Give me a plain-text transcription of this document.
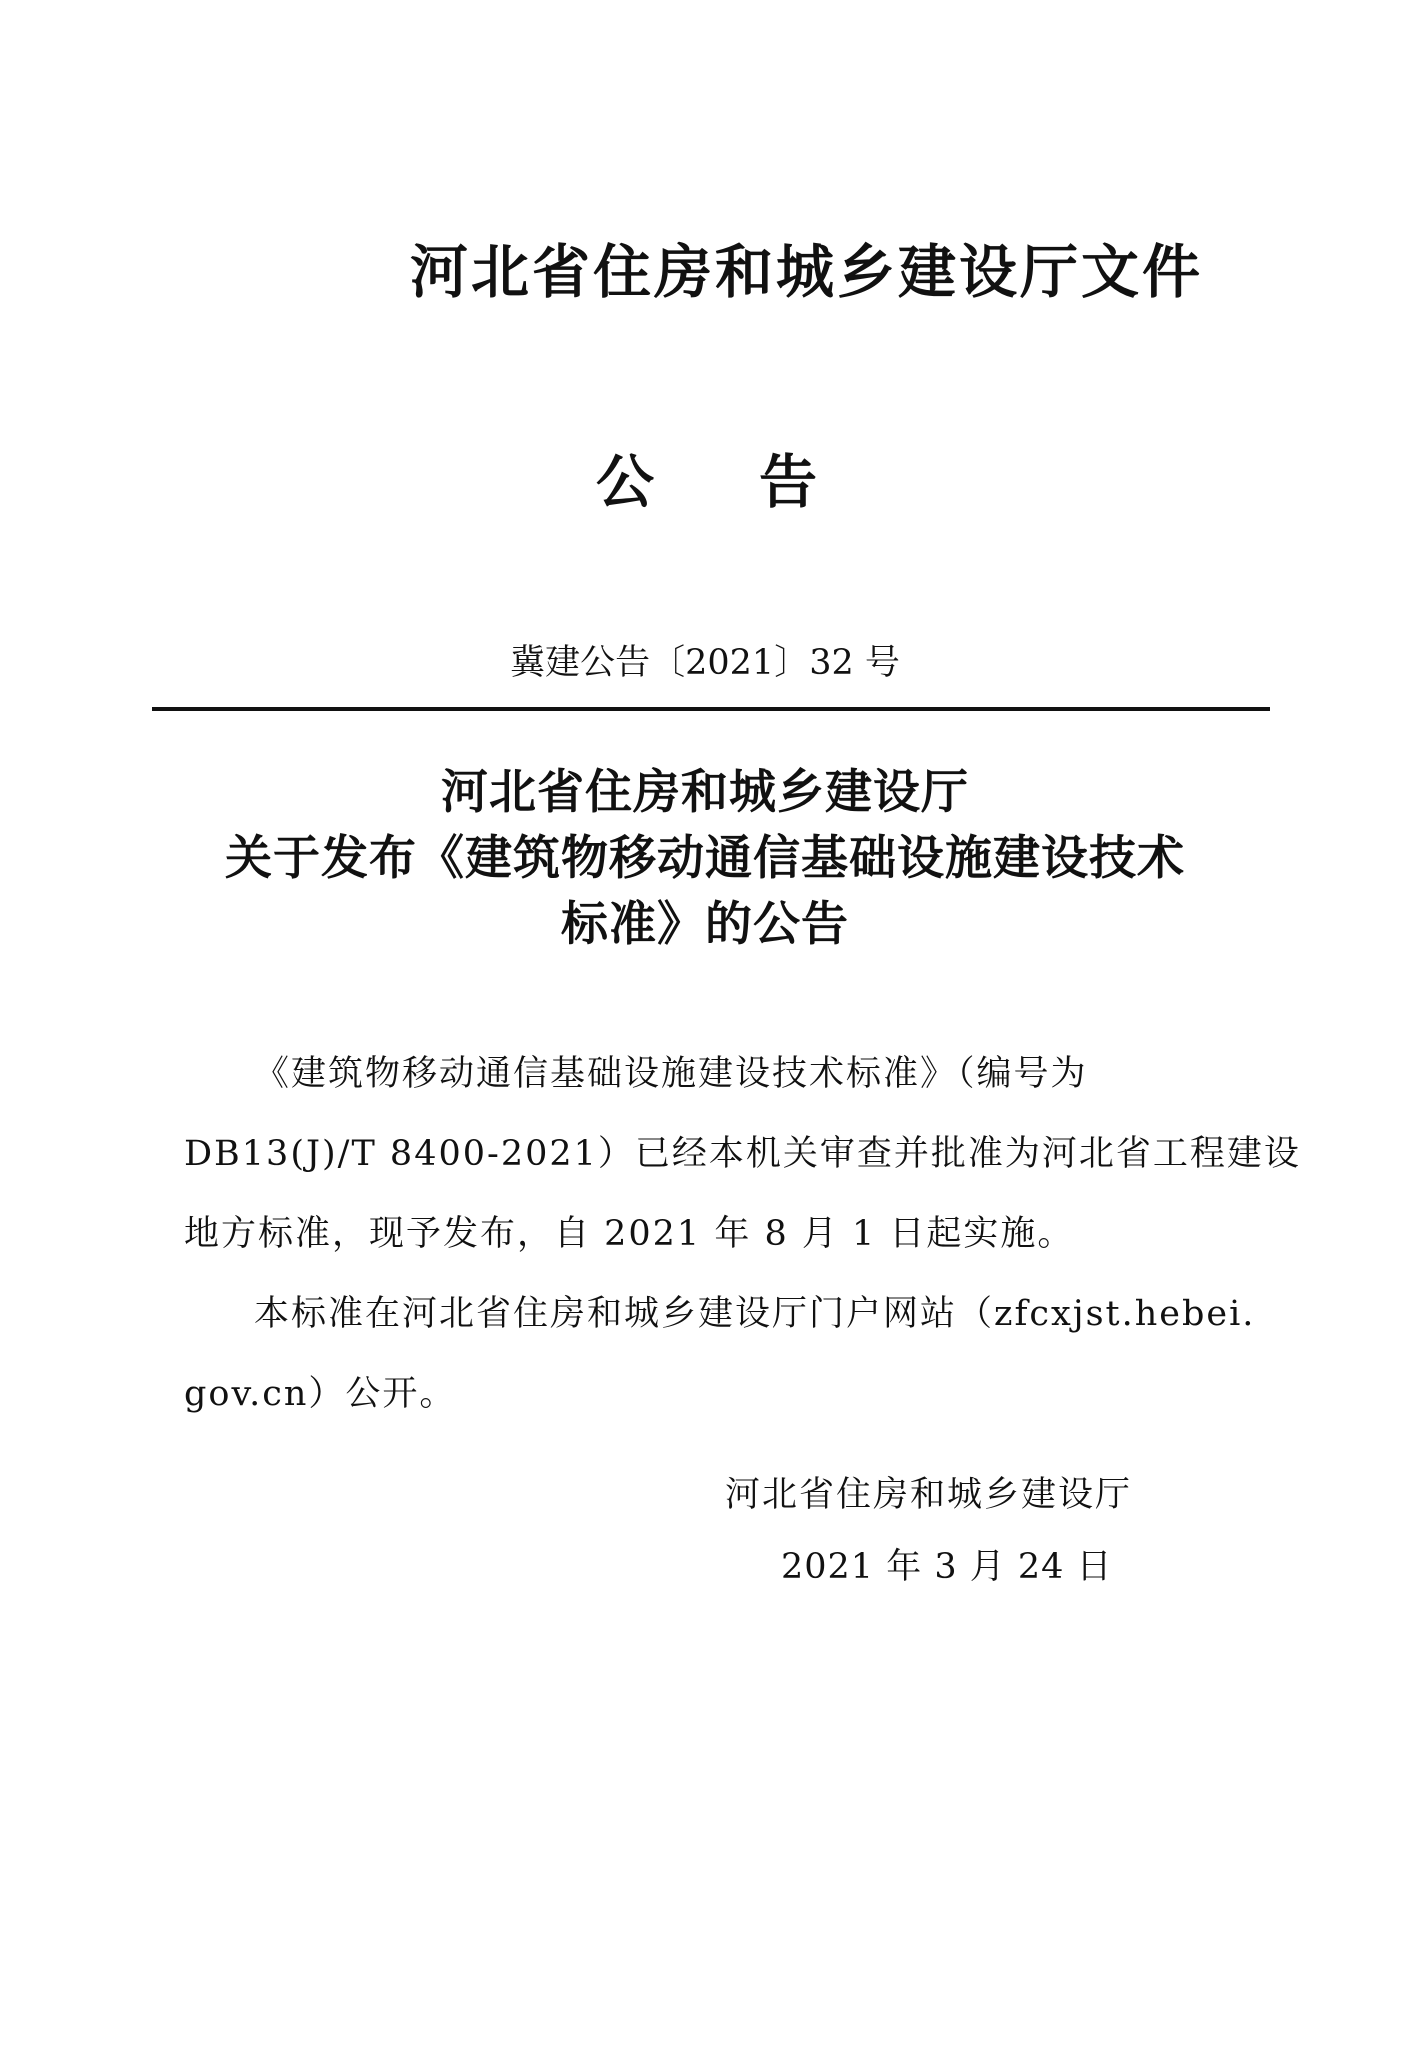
河北省住房和城乡建设厅文件
公 告
冀建公告〔2021〕32 号
河北省住房和城乡建设厅
关于发布《建筑物移动通信基础设施建设技术
标准》的公告
《建筑物移动通信基础设施建设技术标准》（编号为
DB13(J)/T 8400-2021）已经本机关审查并批准为河北省工程建设
地方标准，现予发布，自 2021 年 8 月 1 日起实施。
本标准在河北省住房和城乡建设厅门户网站（zfcxjst.hebei.
gov.cn）公开。
河北省住房和城乡建设厅
2021 年 3 月 24 日
